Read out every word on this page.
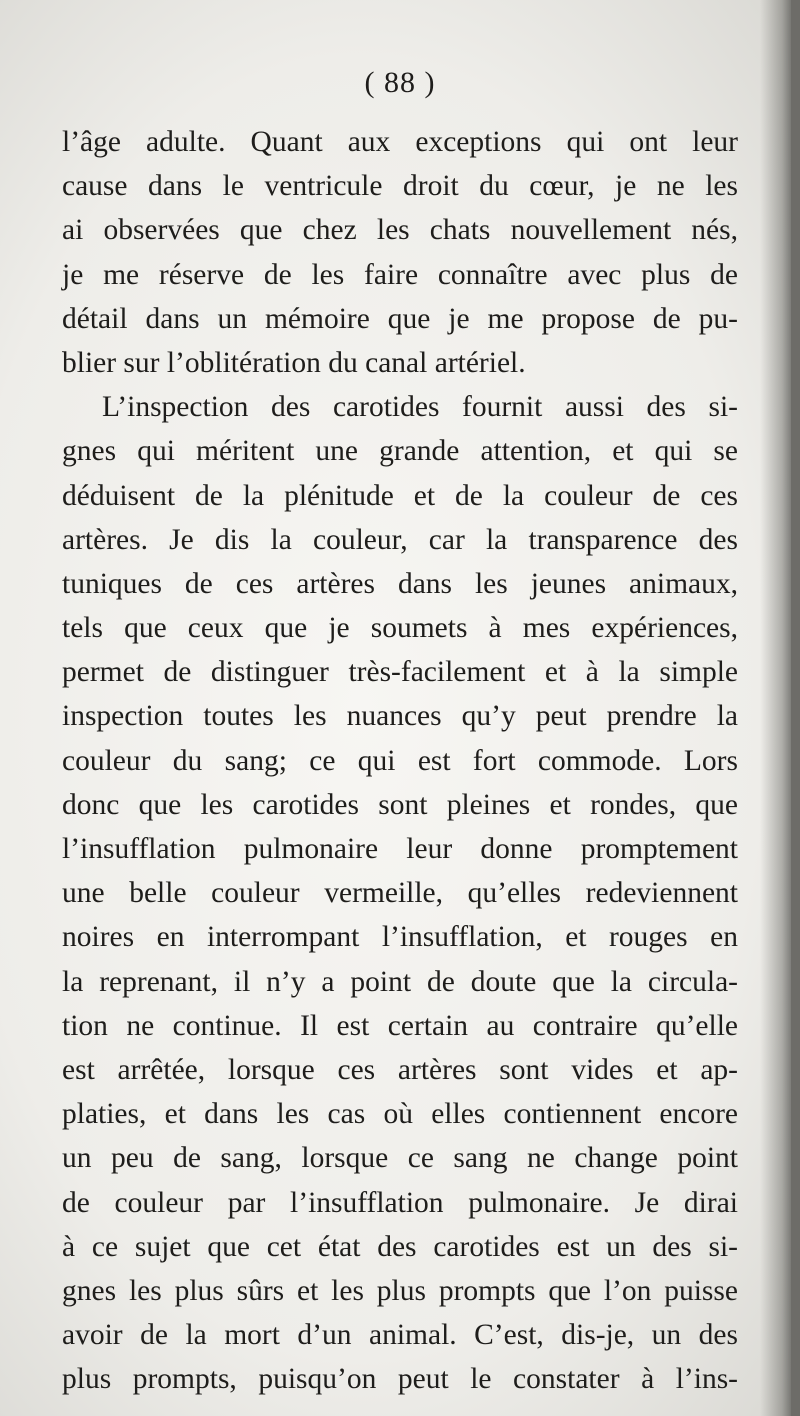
( 88 )
l’âge adulte. Quant aux exceptions qui ont leur
cause dans le ventricule droit du cœur, je ne les
ai observées que chez les chats nouvellement nés,
je me réserve de les faire connaître avec plus de
détail dans un mémoire que je me propose de pu-
blier sur l’oblitération du canal artériel.
L’inspection des carotides fournit aussi des si-
gnes qui méritent une grande attention, et qui se
déduisent de la plénitude et de la couleur de ces
artères. Je dis la couleur, car la transparence des
tuniques de ces artères dans les jeunes animaux,
tels que ceux que je soumets à mes expériences,
permet de distinguer très-facilement et à la simple
inspection toutes les nuances qu’y peut prendre la
couleur du sang; ce qui est fort commode. Lors
donc que les carotides sont pleines et rondes, que
l’insufflation pulmonaire leur donne promptement
une belle couleur vermeille, qu’elles redeviennent
noires en interrompant l’insufflation, et rouges en
la reprenant, il n’y a point de doute que la circula-
tion ne continue. Il est certain au contraire qu’elle
est arrêtée, lorsque ces artères sont vides et ap-
platies, et dans les cas où elles contiennent encore
un peu de sang, lorsque ce sang ne change point
de couleur par l’insufflation pulmonaire. Je dirai
à ce sujet que cet état des carotides est un des si-
gnes les plus sûrs et les plus prompts que l’on puisse
avoir de la mort d’un animal. C’est, dis-je, un des
plus prompts, puisqu’on peut le constater à l’ins-
